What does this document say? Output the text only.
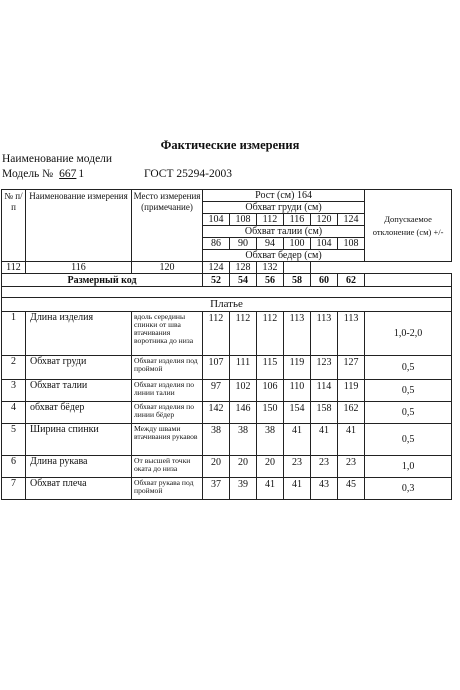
Фактические измерения
Наименование модели
Модель № 667 1	ГОСТ 25294-2003
№ п/п	Наименование измерения	Место измерения (примечание)	Рост (см) 164						Допускаемое отклонение (см) +/-
			Обхват груди (см)						
			104	108	112	116	120	124	
			Обхват талии (см)						
			86	90	94	100	104	108	
			Обхват бедер (см)						
112	116	120	124	128	132				
Размерный код			52	54	56	58	60	62	

Платье									
1	Длина изделия	вдоль середины спинки от шва втачивания воротника до низа	112	112	112	113	113	113	1,0-2,0
2	Обхват груди	Обхват изделия под проймой	107	111	115	119	123	127	0,5
3	Обхват талии	Обхват изделия по линии талии	97	102	106	110	114	119	0,5
4	обхват бёдер	Обхват изделия по линии бёдер	142	146	150	154	158	162	0,5
5	Ширина спинки	Между швами втачивания рукавов	38	38	38	41	41	41	0,5
6	Длина рукава	От высшей точки оката до низа	20	20	20	23	23	23	1,0
7	Обхват плеча	Обхват рукава под проймой	37	39	41	41	43	45	0,3
